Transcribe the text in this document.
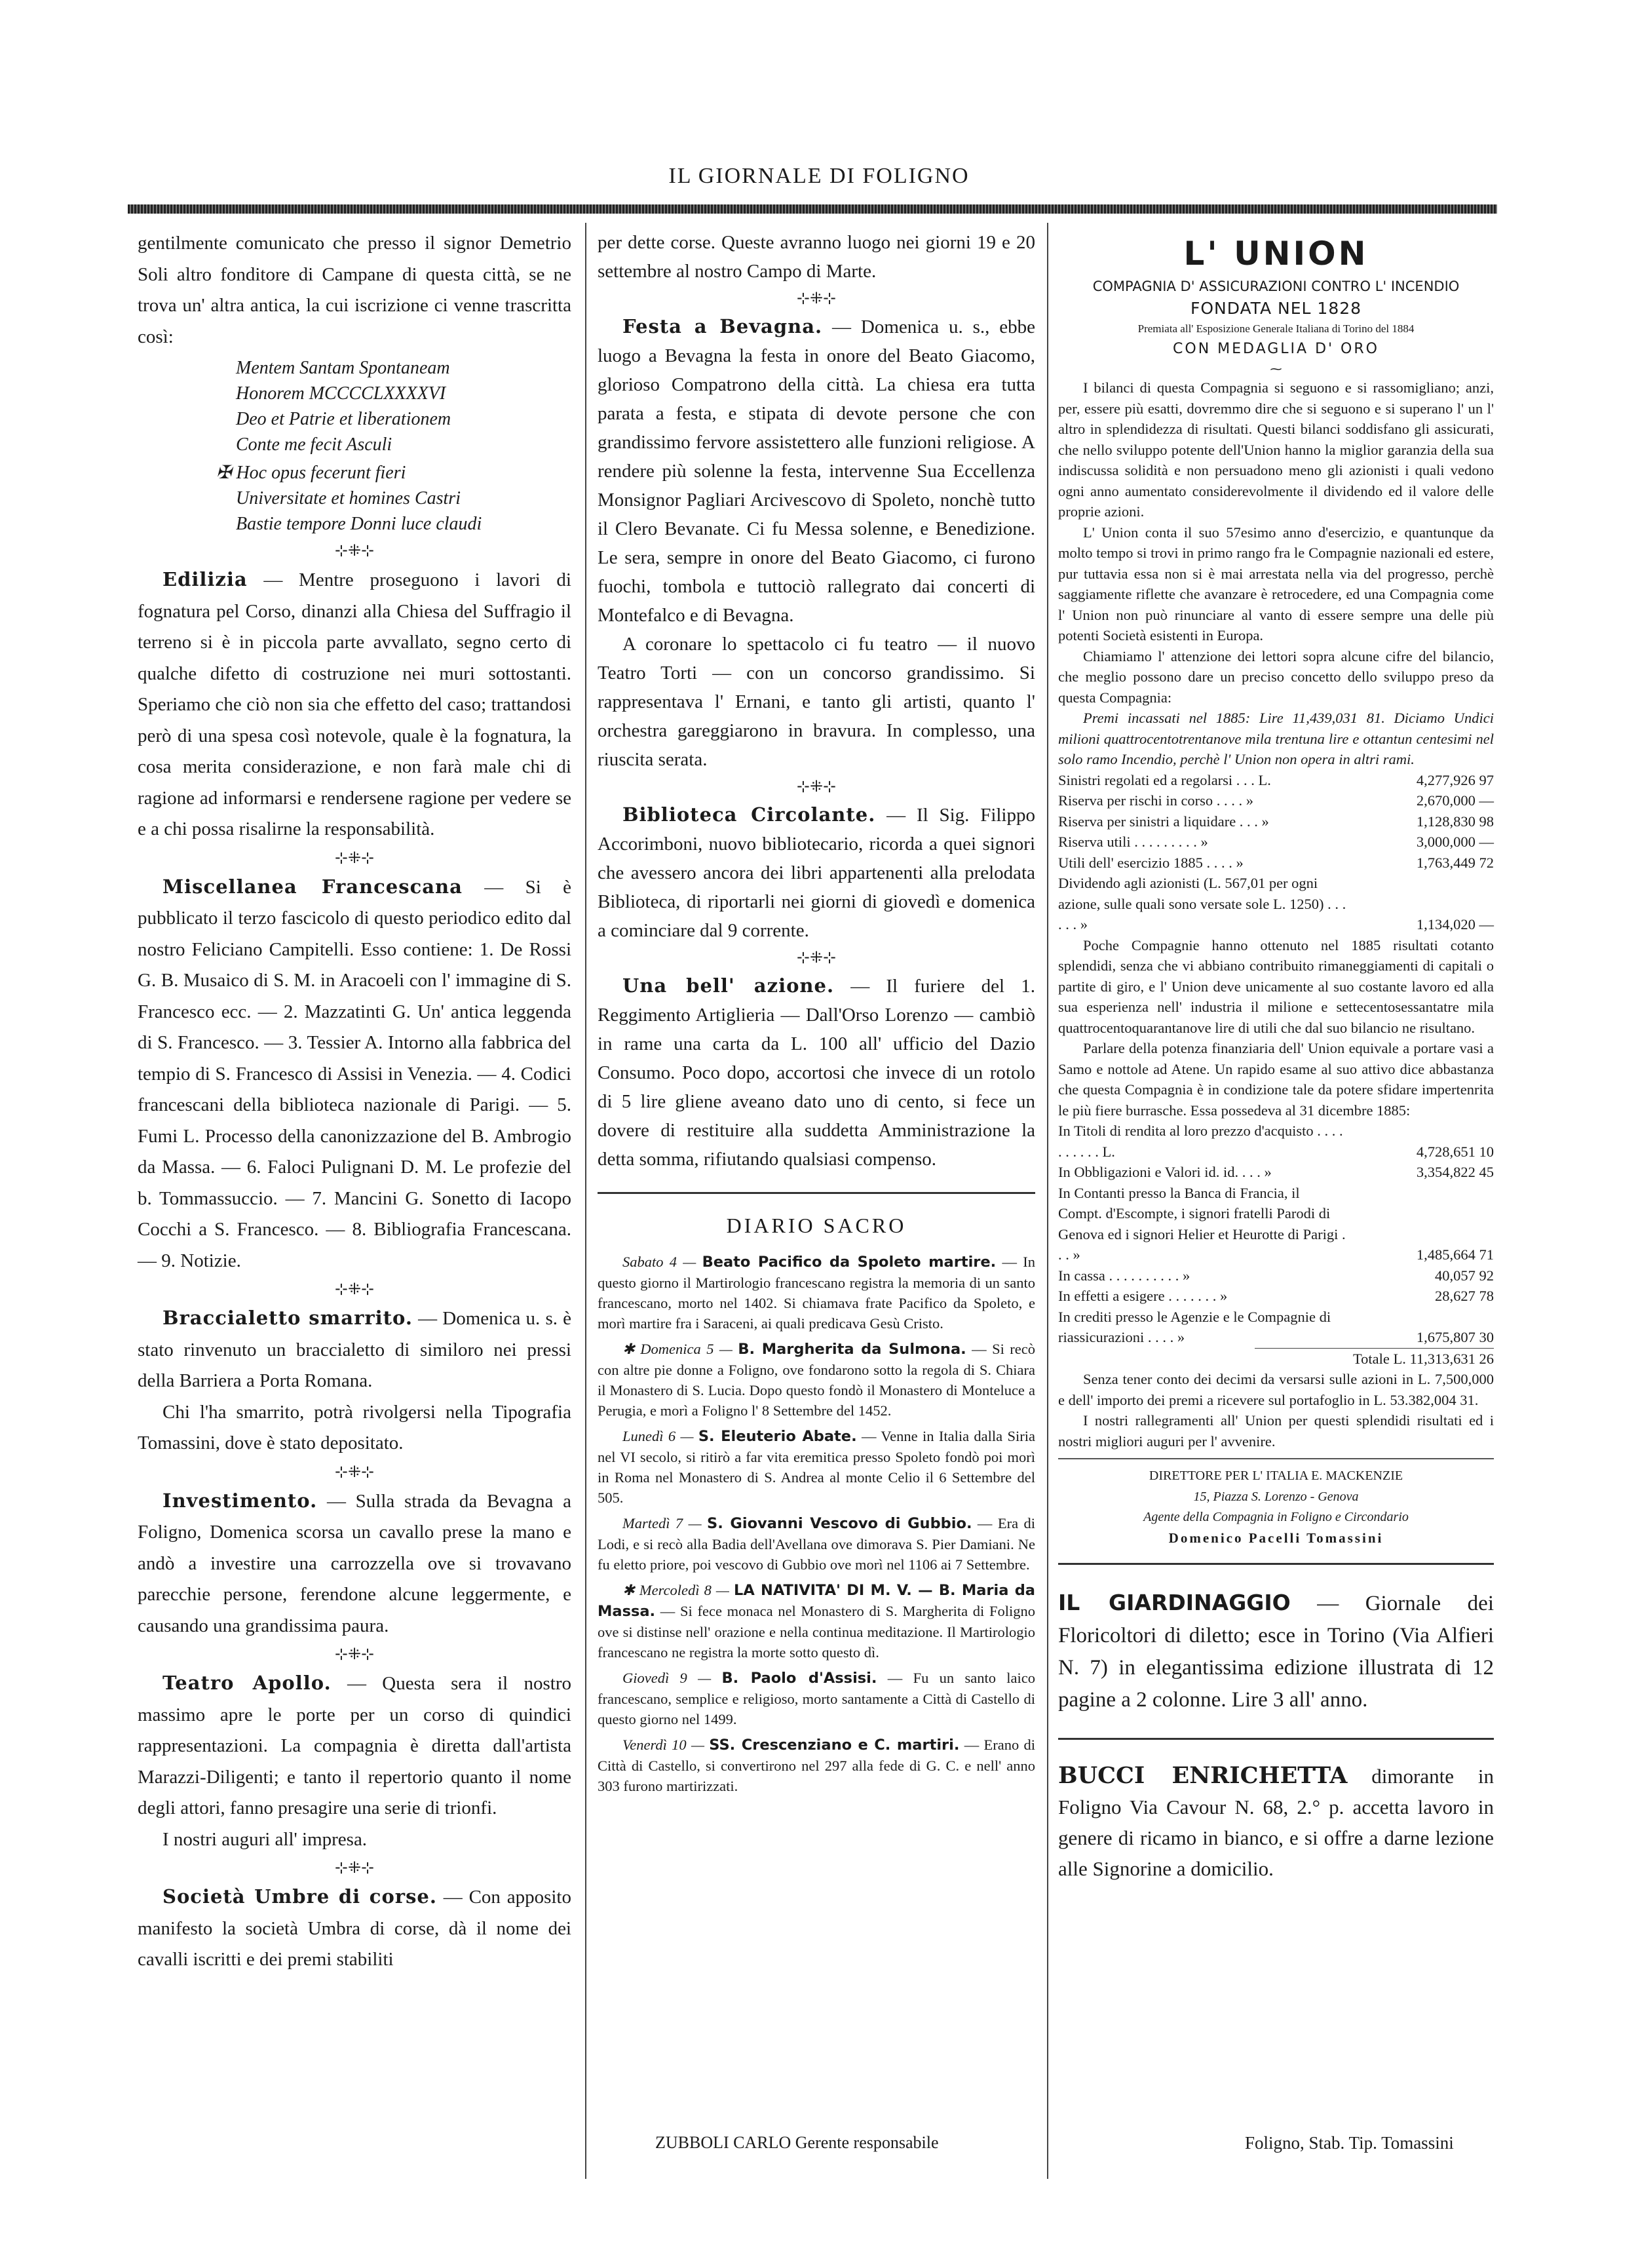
IL GIORNALE DI FOLIGNO

gentilmente comunicato che presso il signor Demetrio Soli altro fonditore di Campane di questa città, se ne trova un' altra antica, la cui iscrizione ci venne trascritta così:

Mentem Santam Spontaneam
Honorem MCCCCLXXXXVI
Deo et Patrie et liberationem
Conte me fecit Asculi
✠ Hoc opus fecerunt fieri
Universitate et homines Castri
Bastie tempore Donni luce claudi
⊹⁜⊹

Edilizia — Mentre proseguono i lavori di fognatura pel Corso, dinanzi alla Chiesa del Suffragio il terreno si è in piccola parte avvallato, segno certo di qualche difetto di costruzione nei muri sottostanti. Speriamo che ciò non sia che effetto del caso; trattandosi però di una spesa così notevole, quale è la fognatura, la cosa merita considerazione, e non farà male chi di ragione ad informarsi e rendersene ragione per vedere se e a chi possa risalirne la responsabilità.

⊹⁜⊹

Miscellanea Francescana — Si è pubblicato il terzo fascicolo di questo periodico edito dal nostro Feliciano Campitelli. Esso contiene: 1. De Rossi G. B. Musaico di S. M. in Aracoeli con l' immagine di S. Francesco ecc. — 2. Mazzatinti G. Un' antica leggenda di S. Francesco. — 3. Tessier A. Intorno alla fabbrica del tempio di S. Francesco di Assisi in Venezia. — 4. Codici francescani della biblioteca nazionale di Parigi. — 5. Fumi L. Processo della canonizzazione del B. Ambrogio da Massa. — 6. Faloci Pulignani D. M. Le profezie del b. Tommassuccio. — 7. Mancini G. Sonetto di Iacopo Cocchi a S. Francesco. — 8. Bibliografia Francescana. — 9. Notizie.

⊹⁜⊹

Braccialetto smarrito. — Domenica u. s. è stato rinvenuto un braccialetto di similoro nei pressi della Barriera a Porta Romana.

Chi l'ha smarrito, potrà rivolgersi nella Tipografia Tomassini, dove è stato depositato.

⊹⁜⊹

Investimento. — Sulla strada da Bevagna a Foligno, Domenica scorsa un cavallo prese la mano e andò a investire una carrozzella ove si trovavano parecchie persone, ferendone alcune leggermente, e causando una grandissima paura.

⊹⁜⊹

Teatro Apollo. — Questa sera il nostro massimo apre le porte per un corso di quindici rappresentazioni. La compagnia è diretta dall'artista Marazzi-Diligenti; e tanto il repertorio quanto il nome degli attori, fanno presagire una serie di trionfi.

I nostri auguri all' impresa.

⊹⁜⊹

Società Umbre di corse. — Con apposito manifesto la società Umbra di corse, dà il nome dei cavalli iscritti e dei premi stabiliti

per dette corse. Queste avranno luogo nei giorni 19 e 20 settembre al nostro Campo di Marte.

⊹⁜⊹

Festa a Bevagna. — Domenica u. s., ebbe luogo a Bevagna la festa in onore del Beato Giacomo, glorioso Compatrono della città. La chiesa era tutta parata a festa, e stipata di devote persone che con grandissimo fervore assistettero alle funzioni religiose. A rendere più solenne la festa, intervenne Sua Eccellenza Monsignor Pagliari Arcivescovo di Spoleto, nonchè tutto il Clero Bevanate. Ci fu Messa solenne, e Benedizione. Le sera, sempre in onore del Beato Giacomo, ci furono fuochi, tombola e tuttociò rallegrato dai concerti di Montefalco e di Bevagna.

A coronare lo spettacolo ci fu teatro — il nuovo Teatro Torti — con un concorso grandissimo. Si rappresentava l' Ernani, e tanto gli artisti, quanto l' orchestra gareggiarono in bravura. In complesso, una riuscita serata.

⊹⁜⊹

Biblioteca Circolante. — Il Sig. Filippo Accorimboni, nuovo bibliotecario, ricorda a quei signori che avessero ancora dei libri appartenenti alla prelodata Biblioteca, di riportarli nei giorni di giovedì e domenica a cominciare dal 9 corrente.

⊹⁜⊹

Una bell' azione. — Il furiere del 1. Reggimento Artiglieria — Dall'Orso Lorenzo — cambiò in rame una carta da L. 100 all' ufficio del Dazio Consumo. Poco dopo, accortosi che invece di un rotolo di 5 lire gliene aveano dato uno di cento, si fece un dovere di restituire alla suddetta Amministrazione la detta somma, rifiutando qualsiasi compenso.

DIARIO SACRO
Sabato 4 — Beato Pacifico da Spoleto martire. — In questo giorno il Martirologio francescano registra la memoria di un santo francescano, morto nel 1402. Si chiamava frate Pacifico da Spoleto, e morì martire fra i Saraceni, ai quali predicava Gesù Cristo.
✱ Domenica 5 — B. Margherita da Sulmona. — Si recò con altre pie donne a Foligno, ove fondarono sotto la regola di S. Chiara il Monastero di S. Lucia. Dopo questo fondò il Monastero di Monteluce a Perugia, e morì a Foligno l' 8 Settembre del 1452.
Lunedì 6 — S. Eleuterio Abate. — Venne in Italia dalla Siria nel VI secolo, si ritirò a far vita eremitica presso Spoleto fondò poi morì in Roma nel Monastero di S. Andrea al monte Celio il 6 Settembre del 505.
Martedì 7 — S. Giovanni Vescovo di Gubbio. — Era di Lodi, e si recò alla Badia dell'Avellana ove dimorava S. Pier Damiani. Ne fu eletto priore, poi vescovo di Gubbio ove morì nel 1106 ai 7 Settembre.
✱ Mercoledì 8 — LA NATIVITA' DI M. V. — B. Maria da Massa. — Si fece monaca nel Monastero di S. Margherita di Foligno ove si distinse nell' orazione e nella continua meditazione. Il Martirologio francescano ne registra la morte sotto questo dì.
Giovedì 9 — B. Paolo d'Assisi. — Fu un santo laico francescano, semplice e religioso, morto santamente a Città di Castello di questo giorno nel 1499.
Venerdì 10 — SS. Crescenziano e C. martiri. — Erano di Città di Castello, si convertirono nel 297 alla fede di G. C. e nell' anno 303 furono martirizzati.
L' UNION
COMPAGNIA D' ASSICURAZIONI CONTRO L' INCENDIO
FONDATA NEL 1828
Premiata all' Esposizione Generale Italiana di Torino del 1884
CON MEDAGLIA D' ORO
⁓

I bilanci di questa Compagnia si seguono e si rassomigliano; anzi, per, essere più esatti, dovremmo dire che si seguono e si superano l' un l' altro in splendidezza di risultati. Questi bilanci soddisfano gli assicurati, che nello sviluppo potente dell'Union hanno la miglior garanzia della sua indiscussa solidità e non persuadono meno gli azionisti i quali vedono ogni anno aumentato considerevolmente il dividendo ed il valore delle proprie azioni.

L' Union conta il suo 57esimo anno d'esercizio, e quantunque da molto tempo si trovi in primo rango fra le Compagnie nazionali ed estere, pur tuttavia essa non si è mai arrestata nella via del progresso, perchè saggiamente riflette che avanzare è retrocedere, ed una Compagnia come l' Union non può rinunciare al vanto di essere sempre una delle più potenti Società esistenti in Europa.

Chiamiamo l' attenzione dei lettori sopra alcune cifre del bilancio, che meglio possono dare un preciso concetto dello sviluppo preso da questa Compagnia:

Premi incassati nel 1885: Lire 11,439,031 81. Diciamo Undici milioni quattrocentotrentanove mila trentuna lire e ottantun centesimi nel solo ramo Incendio, perchè l' Union non opera in altri rami.

Sinistri regolati ed a regolarsi . . . L.	4,277,926 97
Riserva per rischi in corso . . . . »	2,670,000 —
Riserva per sinistri a liquidare . . . »	1,128,830 98
Riserva utili . . . . . . . . . »	3,000,000 —
Utili dell' esercizio 1885 . . . . »	1,763,449 72
Dividendo agli azionisti (L. 567,01 per ogni azione, sulle quali sono versate sole L. 1250) . . . . . . »	1,134,020 —

Poche Compagnie hanno ottenuto nel 1885 risultati cotanto splendidi, senza che vi abbiano contribuito rimaneggiamenti di capitali o partite di giro, e l' Union deve unicamente al suo costante lavoro ed alla sua esperienza nell' industria il milione e settecentosessantatre mila quattrocentoquarantanove lire di utili che dal suo bilancio ne risultano.

Parlare della potenza finanziaria dell' Union equivale a portare vasi a Samo e nottole ad Atene. Un rapido esame al suo attivo dice abbastanza che questa Compagnia è in condizione tale da potere sfidare impertenrita le più fiere burrasche. Essa possedeva al 31 dicembre 1885:

In Titoli di rendita al loro prezzo d'acquisto . . . . . . . . . . L.	4,728,651 10
In Obbligazioni e Valori id. id. . . . »	3,354,822 45
In Contanti presso la Banca di Francia, il Compt. d'Escompte, i signori fratelli Parodi di Genova ed i signori Helier et Heurotte di Parigi . . . »	1,485,664 71
In cassa . . . . . . . . . . »	40,057 92
In effetti a esigere . . . . . . . »	28,627 78
In crediti presso le Agenzie e le Compagnie di riassicurazioni . . . . »	1,675,807 30
Totale L. 11,313,631 26

Senza tener conto dei decimi da versarsi sulle azioni in L. 7,500,000 e dell' importo dei premi a ricevere sul portafoglio in L. 53.382,004 31.

I nostri rallegramenti all' Union per questi splendidi risultati ed i nostri migliori auguri per l' avvenire.

DIRETTORE PER L' ITALIA E. MACKENZIE
15, Piazza S. Lorenzo - Genova
Agente della Compagnia in Foligno e Circondario
Domenico Pacelli Tomassini

IL GIARDINAGGIO — Giornale dei Floricoltori di diletto; esce in Torino (Via Alfieri N. 7) in elegantissima edizione illustrata di 12 pagine a 2 colonne. Lire 3 all' anno.

BUCCI ENRICHETTA dimorante in Foligno Via Cavour N. 68, 2.° p. accetta lavoro in genere di ricamo in bianco, e si offre a darne lezione alle Signorine a domicilio.

ZUBBOLI CARLO Gerente responsabile	Foligno, Stab. Tip. Tomassini
